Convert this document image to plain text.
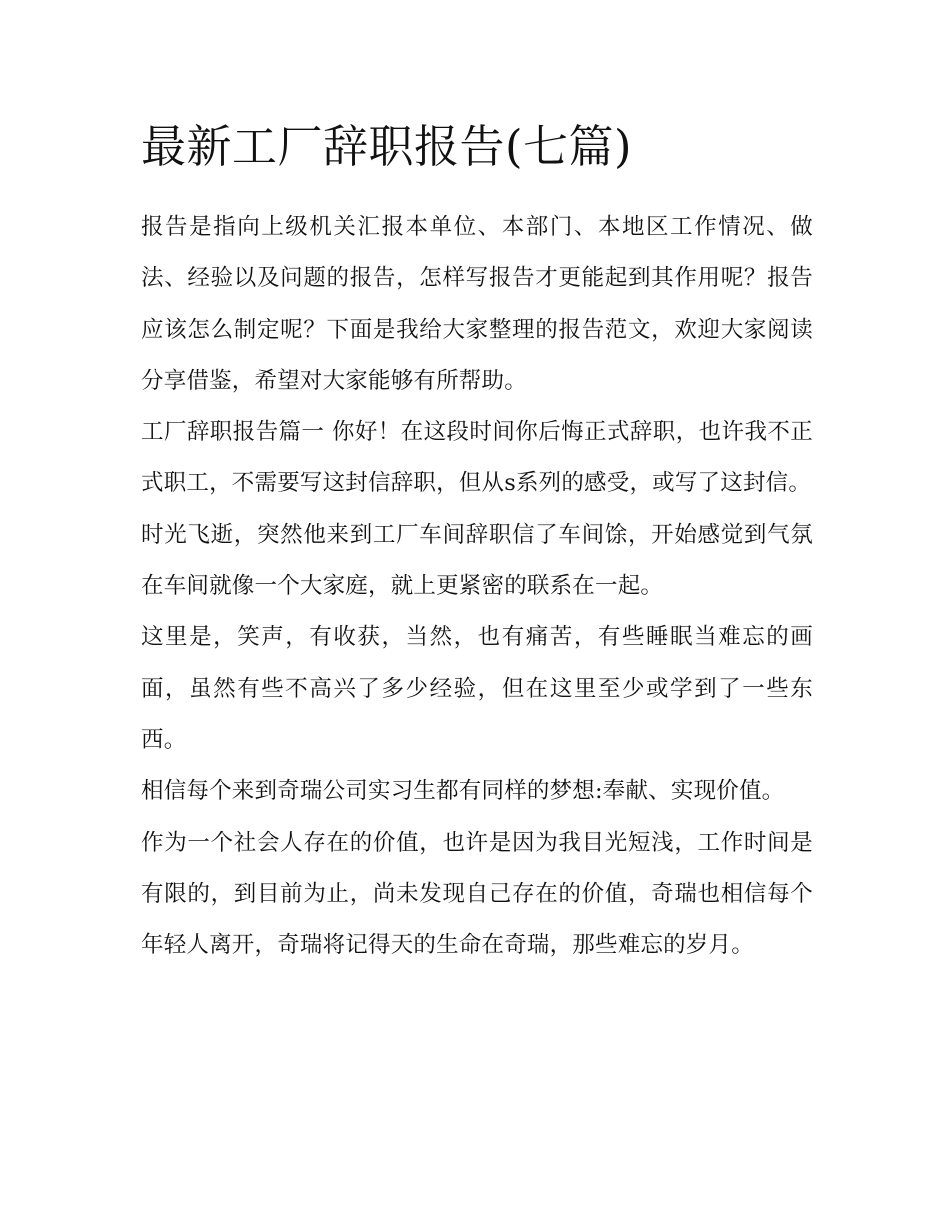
最新工厂辞职报告(七篇)

报告是指向上级机关汇报本单位、本部门、本地区工作情况、做法、经验以及问题的报告，怎样写报告才更能起到其作用呢？报告应该怎么制定呢？下面是我给大家整理的报告范文，欢迎大家阅读分享借鉴，希望对大家能够有所帮助。

工厂辞职报告篇一 你好！在这段时间你后悔正式辞职，也许我不正式职工，不需要写这封信辞职，但从s系列的感受，或写了这封信。

时光飞逝，突然他来到工厂车间辞职信了车间馀，开始感觉到气氛在车间就像一个大家庭，就上更紧密的联系在一起。

这里是，笑声，有收获，当然，也有痛苦，有些睡眠当难忘的画面，虽然有些不高兴了多少经验，但在这里至少或学到了一些东西。

相信每个来到奇瑞公司实习生都有同样的梦想:奉献、实现价值。

作为一个社会人存在的价值，也许是因为我目光短浅，工作时间是有限的，到目前为止，尚未发现自己存在的价值，奇瑞也相信每个年轻人离开，奇瑞将记得天的生命在奇瑞，那些难忘的岁月。
